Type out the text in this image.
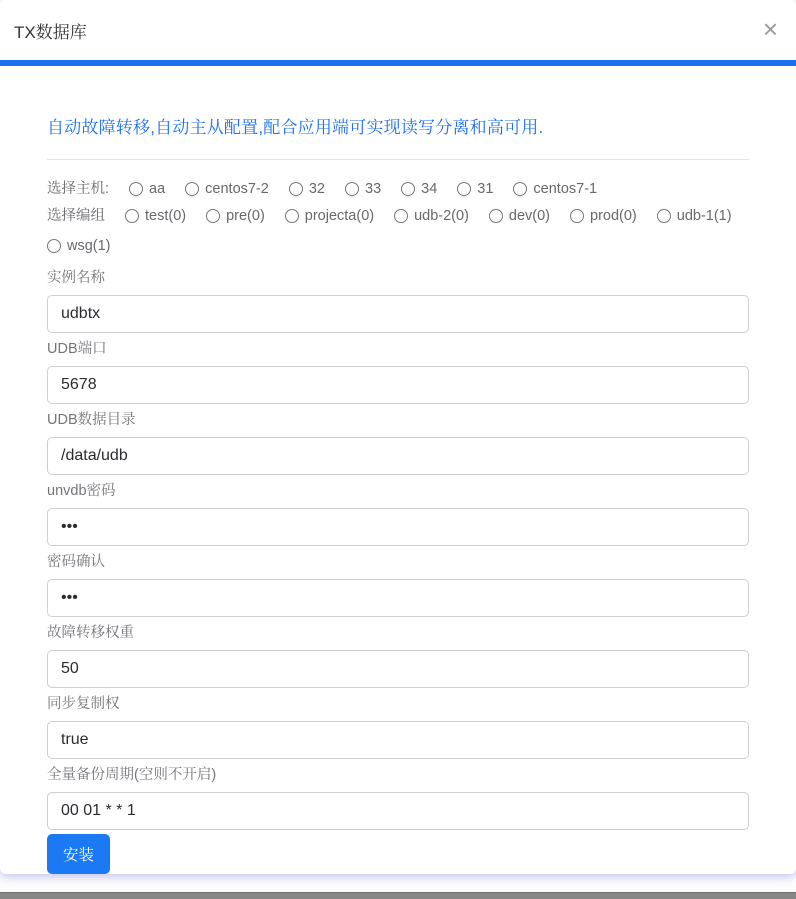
TX数据库	×

自动故障转移,自动主从配置,配合应用端可实现读写分离和高可用.

选择主机:	aa	centos7-2	32	33	34	31	centos7-1
选择编组	test(0)	pre(0)	projecta(0)	udb-2(0)	dev(0)	prod(0)	udb-1(1)
wsg(1)
实例名称
udbtx
UDB端口
5678
UDB数据目录
/data/udb
unvdb密码
•••
密码确认
•••
故障转移权重
50
同步复制权
true
全量备份周期(空则不开启)
00 01 * * 1
安装
